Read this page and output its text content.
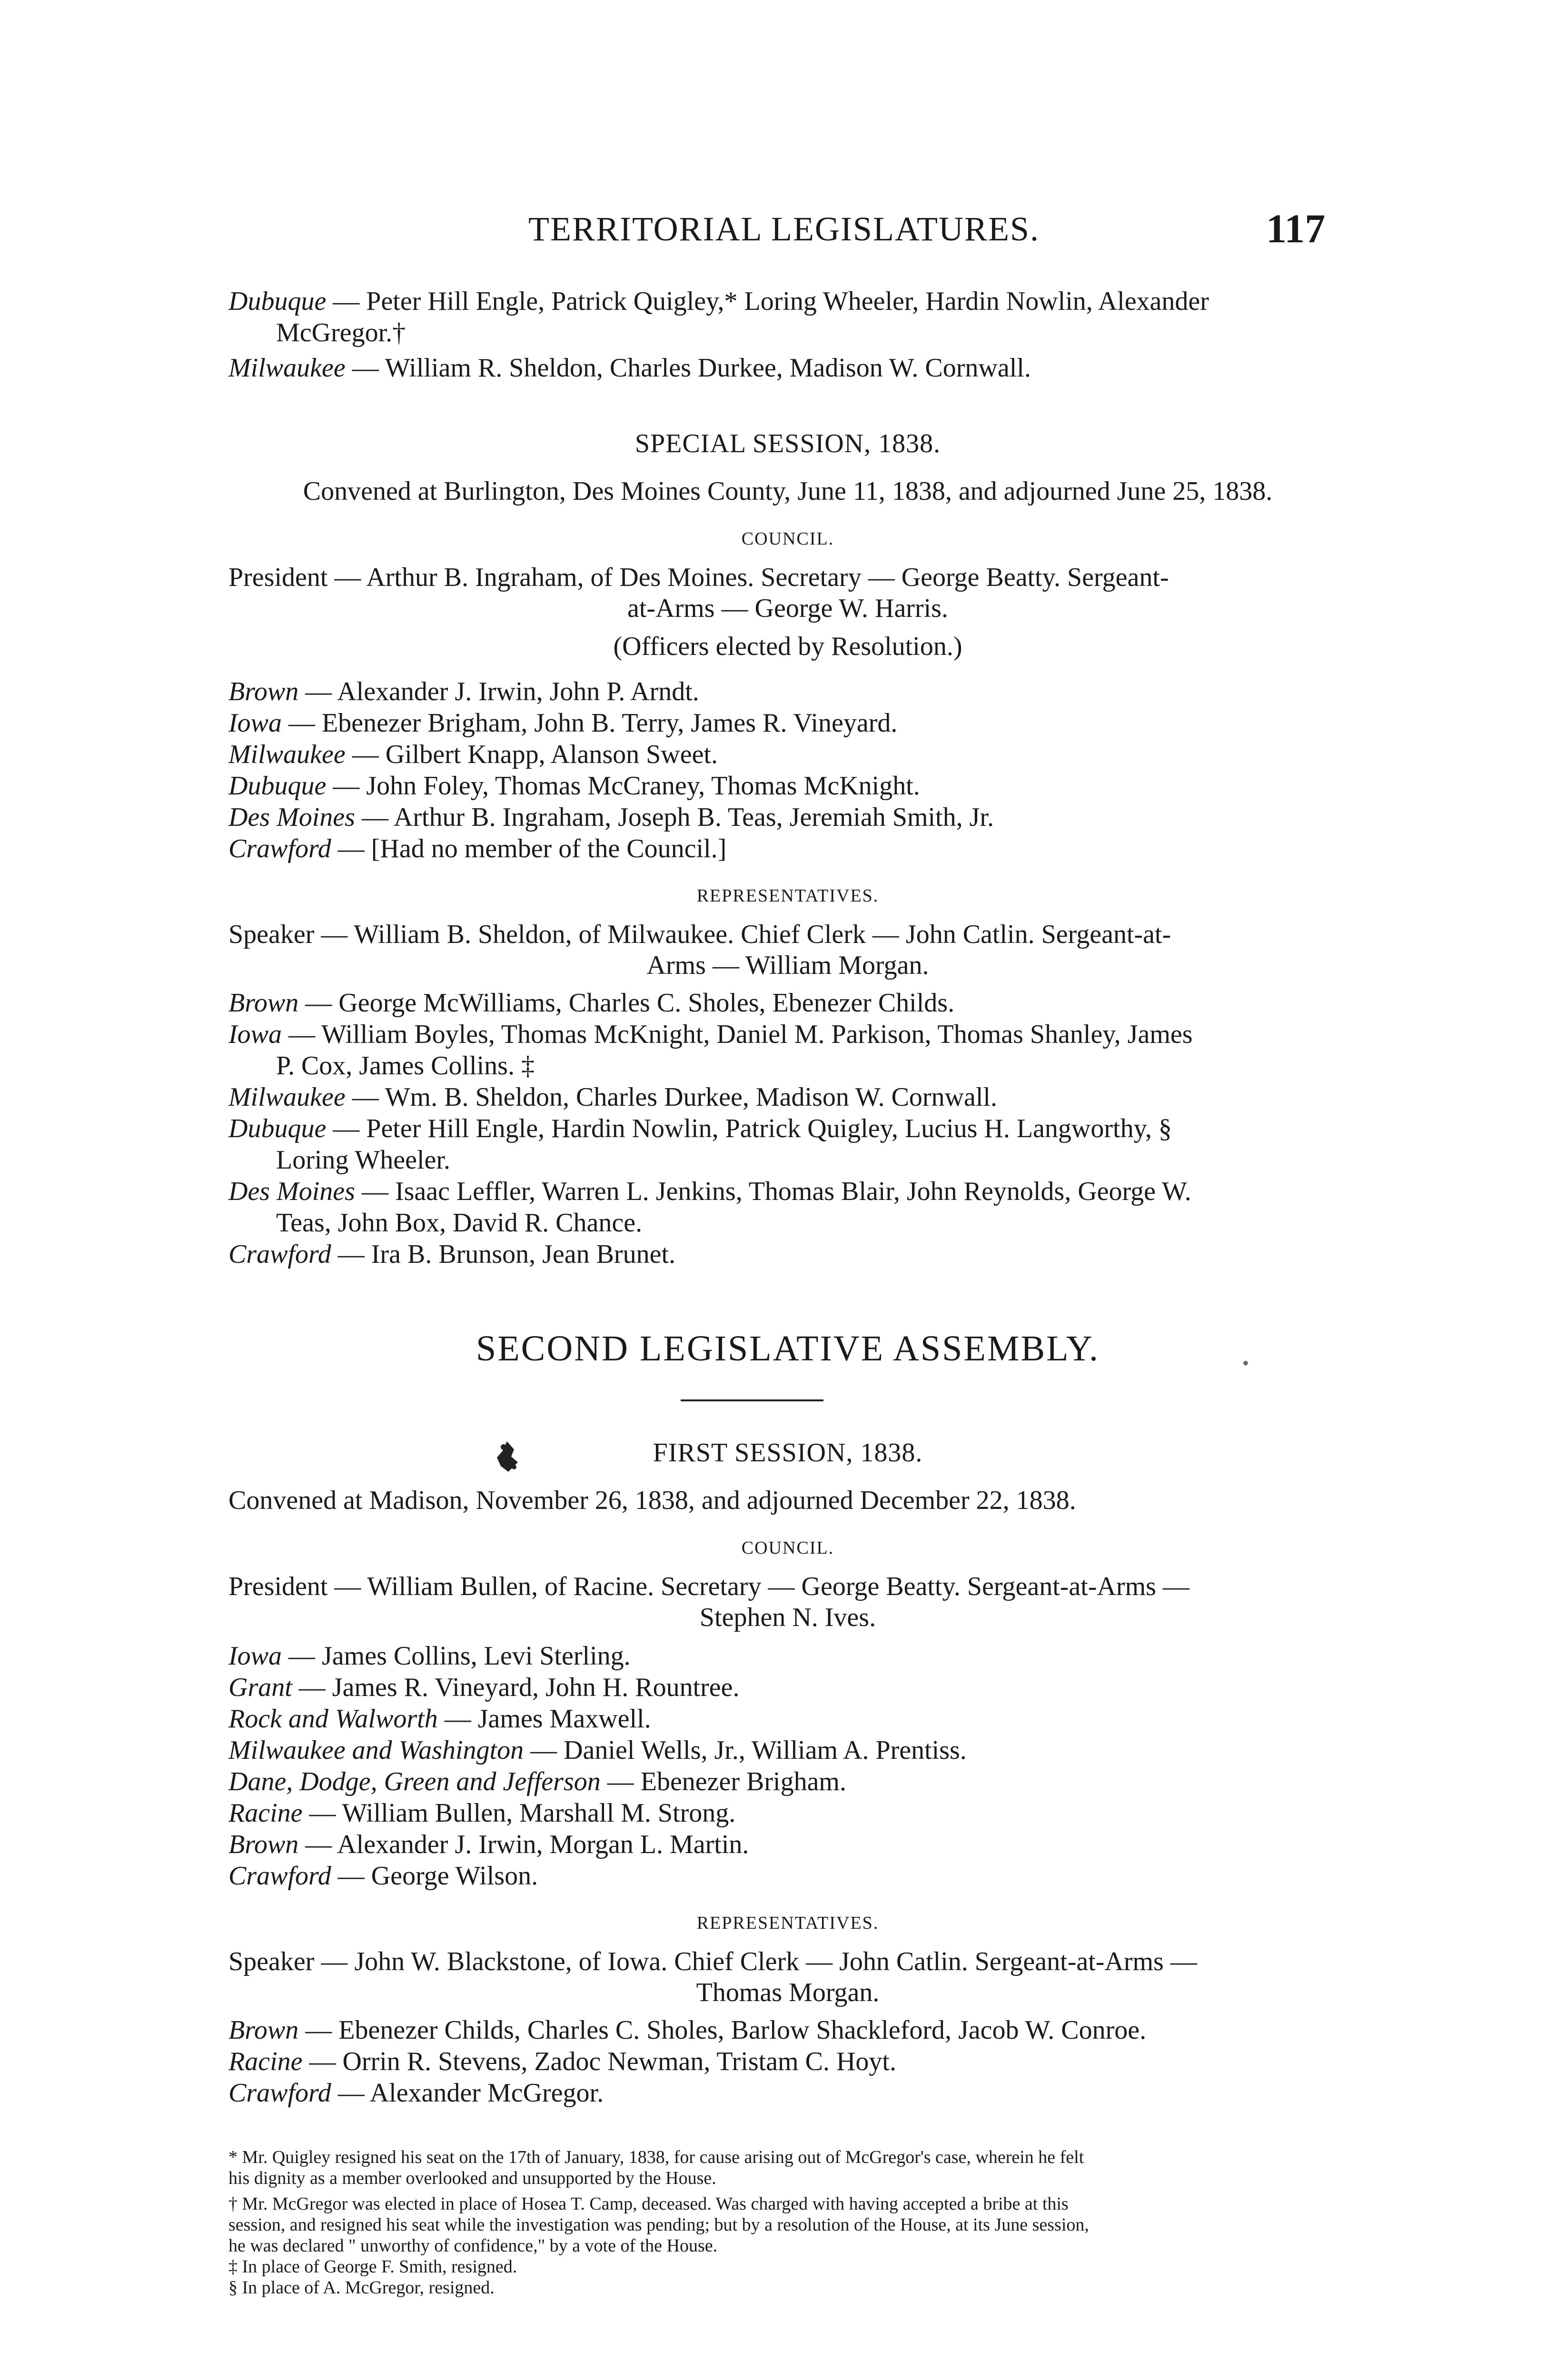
TERRITORIAL LEGISLATURES.	117
Dubuque — Peter Hill Engle, Patrick Quigley,* Loring Wheeler, Hardin Nowlin, Alexander
McGregor.†
Milwaukee — William R. Sheldon, Charles Durkee, Madison W. Cornwall.
SPECIAL SESSION, 1838.
Convened at Burlington, Des Moines County, June 11, 1838, and adjourned June 25, 1838.
COUNCIL.
President — Arthur B. Ingraham, of Des Moines. Secretary — George Beatty. Sergeant-
at-Arms — George W. Harris.
(Officers elected by Resolution.)
Brown — Alexander J. Irwin, John P. Arndt.
Iowa — Ebenezer Brigham, John B. Terry, James R. Vineyard.
Milwaukee — Gilbert Knapp, Alanson Sweet.
Dubuque — John Foley, Thomas McCraney, Thomas McKnight.
Des Moines — Arthur B. Ingraham, Joseph B. Teas, Jeremiah Smith, Jr.
Crawford — [Had no member of the Council.]
REPRESENTATIVES.
Speaker — William B. Sheldon, of Milwaukee. Chief Clerk — John Catlin. Sergeant-at-
Arms — William Morgan.
Brown — George McWilliams, Charles C. Sholes, Ebenezer Childs.
Iowa — William Boyles, Thomas McKnight, Daniel M. Parkison, Thomas Shanley, James
P. Cox, James Collins. ‡
Milwaukee — Wm. B. Sheldon, Charles Durkee, Madison W. Cornwall.
Dubuque — Peter Hill Engle, Hardin Nowlin, Patrick Quigley, Lucius H. Langworthy, §
Loring Wheeler.
Des Moines — Isaac Leffler, Warren L. Jenkins, Thomas Blair, John Reynolds, George W.
Teas, John Box, David R. Chance.
Crawford — Ira B. Brunson, Jean Brunet.
SECOND LEGISLATIVE ASSEMBLY.	•
FIRST SESSION, 1838.
Convened at Madison, November 26, 1838, and adjourned December 22, 1838.
COUNCIL.
President — William Bullen, of Racine. Secretary — George Beatty. Sergeant-at-Arms —
Stephen N. Ives.
Iowa — James Collins, Levi Sterling.
Grant — James R. Vineyard, John H. Rountree.
Rock and Walworth — James Maxwell.
Milwaukee and Washington — Daniel Wells, Jr., William A. Prentiss.
Dane, Dodge, Green and Jefferson — Ebenezer Brigham.
Racine — William Bullen, Marshall M. Strong.
Brown — Alexander J. Irwin, Morgan L. Martin.
Crawford — George Wilson.
REPRESENTATIVES.
Speaker — John W. Blackstone, of Iowa. Chief Clerk — John Catlin. Sergeant-at-Arms —
Thomas Morgan.
Brown — Ebenezer Childs, Charles C. Sholes, Barlow Shackleford, Jacob W. Conroe.
Racine — Orrin R. Stevens, Zadoc Newman, Tristam C. Hoyt.
Crawford — Alexander McGregor.
* Mr. Quigley resigned his seat on the 17th of January, 1838, for cause arising out of McGregor's case, wherein he felt
his dignity as a member overlooked and unsupported by the House.
† Mr. McGregor was elected in place of Hosea T. Camp, deceased. Was charged with having accepted a bribe at this
session, and resigned his seat while the investigation was pending; but by a resolution of the House, at its June session,
he was declared " unworthy of confidence," by a vote of the House.
‡ In place of George F. Smith, resigned.
§ In place of A. McGregor, resigned.
